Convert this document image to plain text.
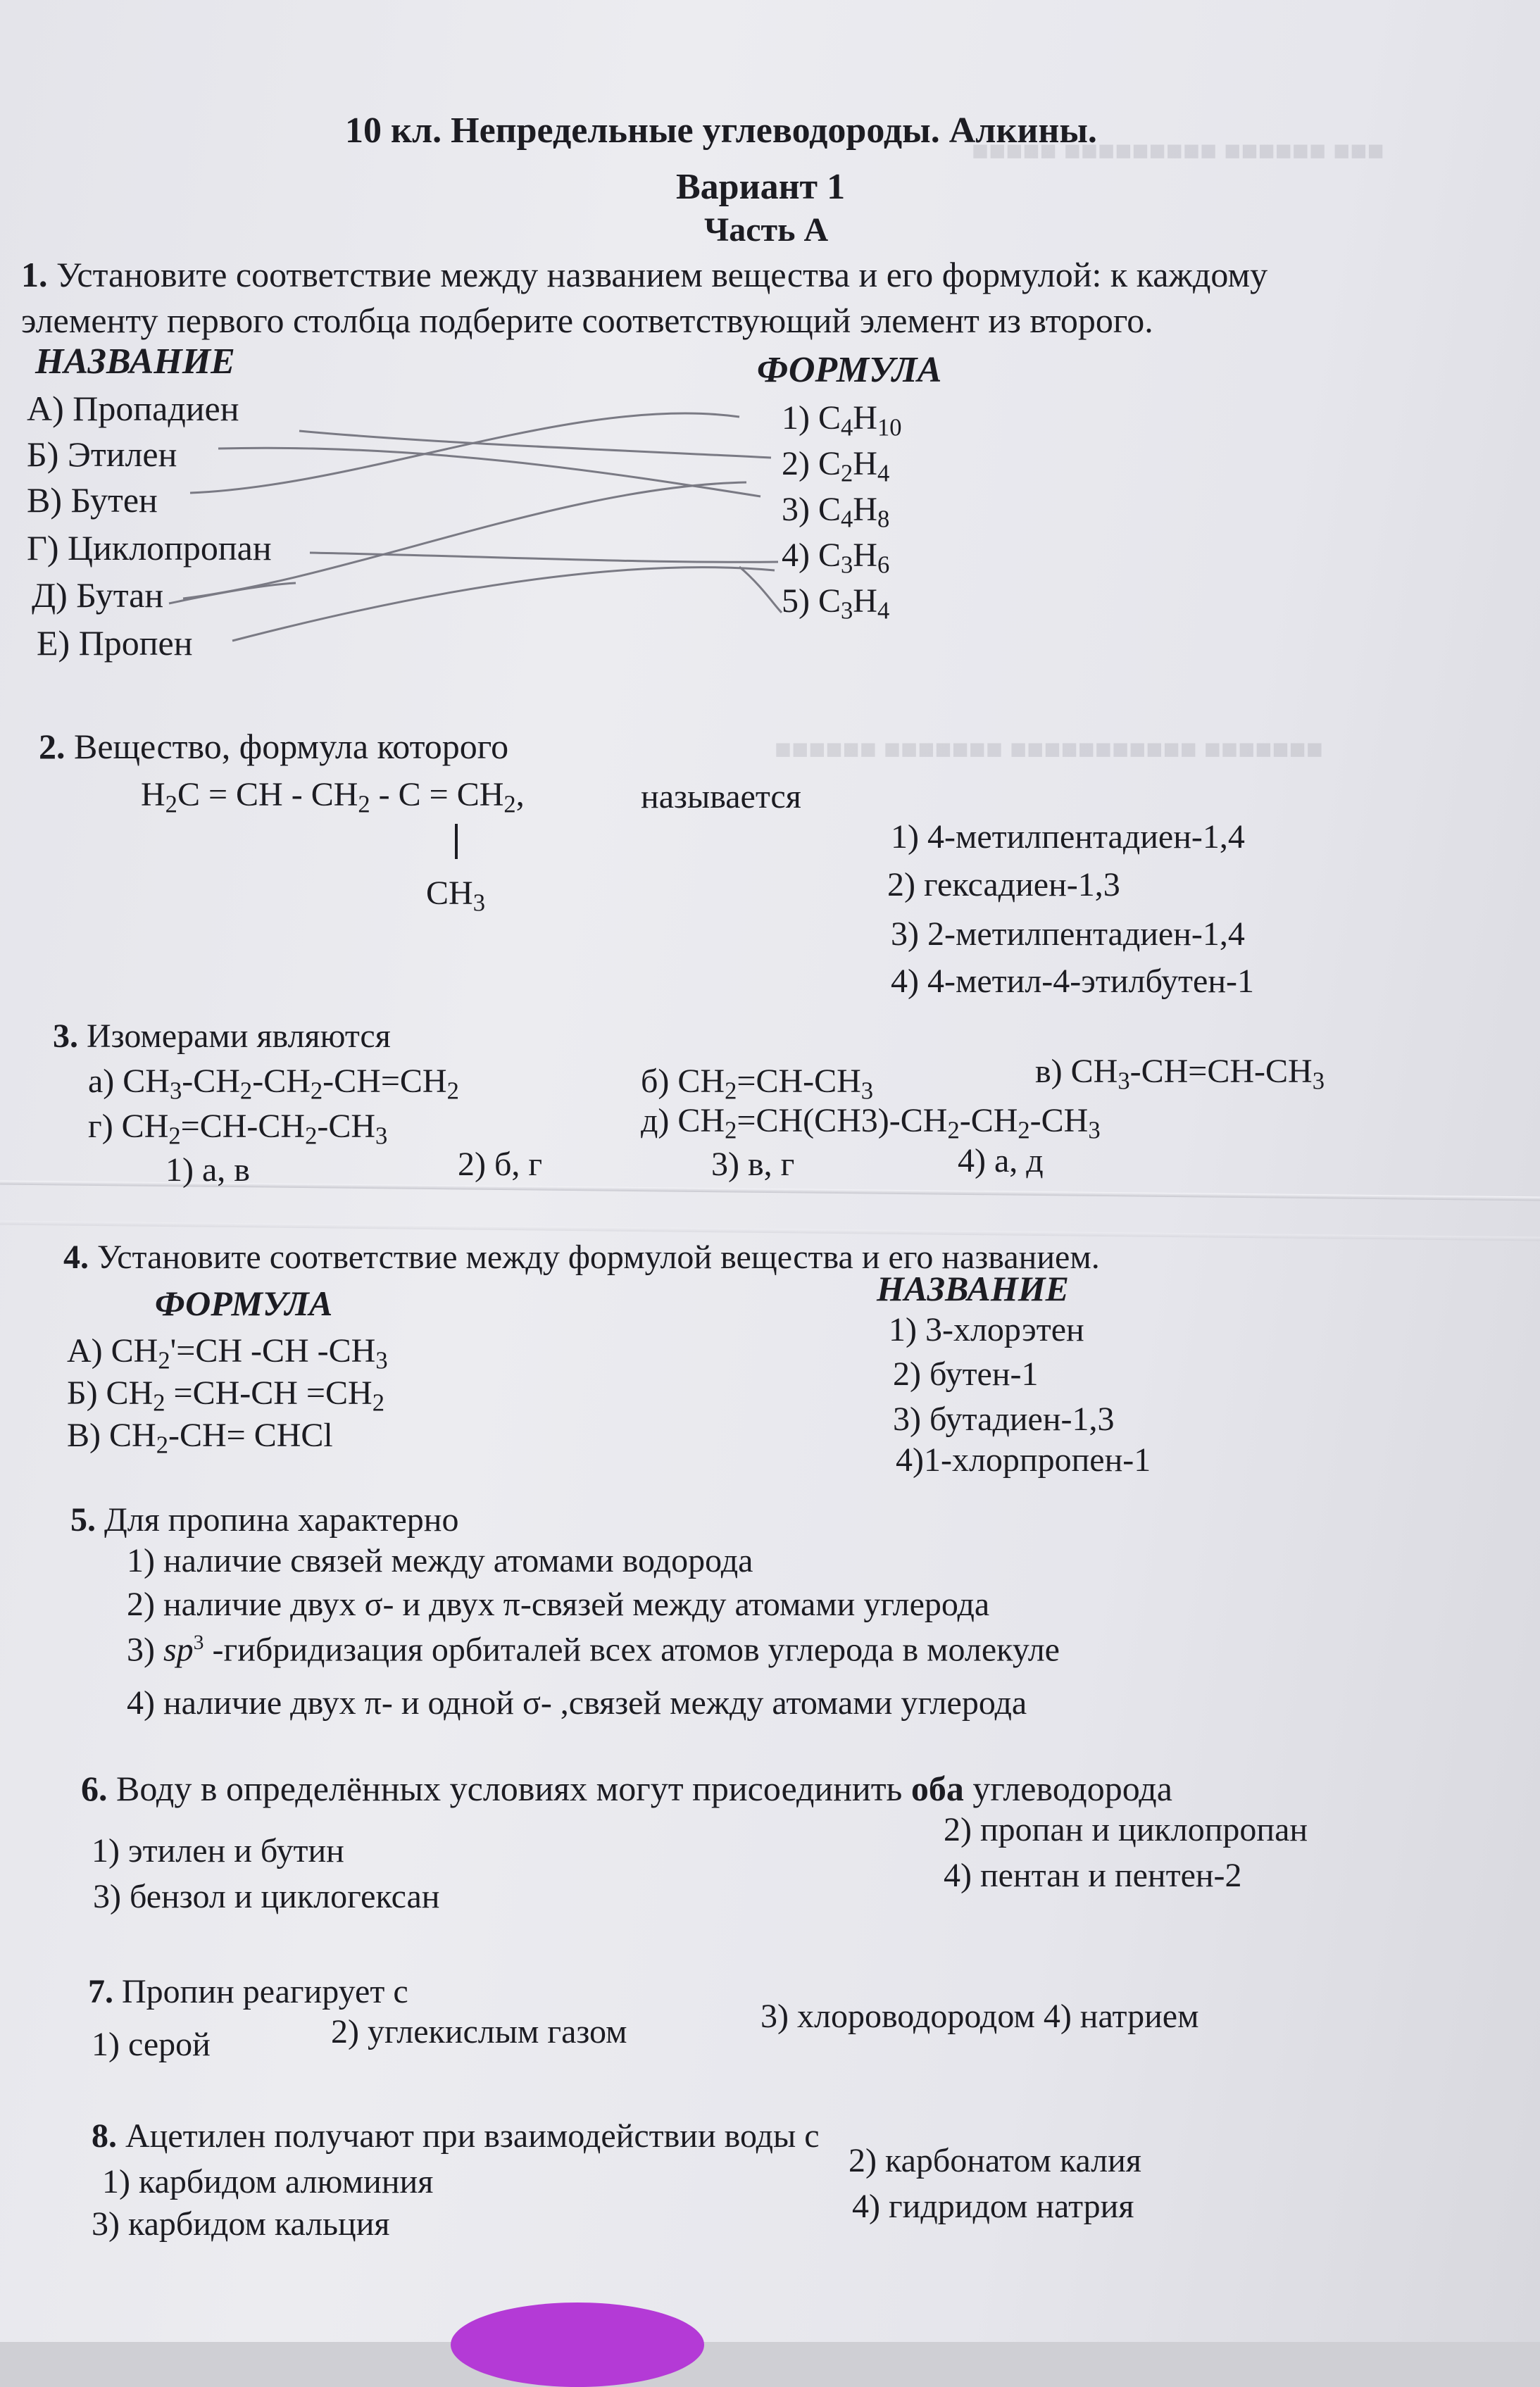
■■■ ■■■■■■ ■■■■■■■■■ ■■■■■
■■■■■■■ ■■■■■■■■■■■ ■■■■■■■ ■■■■■■
10 кл. Непредельные углеводороды. Алкины.
Вариант 1
Часть А
1. Установите соответствие между названием вещества и его формулой: к каждому
элементу первого столбца подберите соответствующий элемент из второго.
НАЗВАНИЕ	ФОРМУЛА
А) Пропадиен
Б) Этилен
В) Бутен
Г) Циклопропан
Д) Бутан
Е) Пропен
1) $C_4H_{10}$
2) $C_2H_4$
3) $C_4H_8$
4) $C_3H_6$
5) $C_3H_4$
2. Вещество, формула которого
$H_2C$ = CH - $CH_2 - C = CH_2$,	называется
$CH_3$
1) 4-метилпентадиен-1,4
2) гексадиен-1,3
3) 2-метилпентадиен-1,4
4) 4-метил-4-этилбутен-1
3. Изомерами являются
а) $CH_3-CH_2-CH_2-CH=CH_2$	б) $CH_2=CH-CH_3$
в) $CH_3-CH=CH-CH_3$
г) $CH_2=CH-CH_2-CH_3$	д) $CH_2=CH(CH3)-CH_2-CH_2-CH_3$
1) а, в	2) б, г	3) в, г	4) а, д
4. Установите соответствие между формулой вещества и его названием.
ФОРМУЛА	НАЗВАНИЕ
А) $CH_2'=CH$ -CH $-CH_3$
Б) $CH_2 =CH-CH =CH_2$
В) $CH_2-CH=$ CHCl
1) 3-хлорэтен
2) бутен-1
3) бутадиен-1,3
4)1-хлорпропен-1
5. Для пропина характерно
1) наличие связей между атомами водорода
2) наличие двух σ- и двух π-связей между атомами углерода
3) $sp^3$ -гибридизация орбиталей всех атомов углерода в молекуле
4) наличие двух π- и одной σ- ,связей между атомами углерода
6. Воду в определённых условиях могут присоединить оба углеводорода
1) этилен и бутин
2) пропан и циклопропан
3) бензол и циклогексан
4) пентан и пентен-2
7. Пропин реагирует с
1) серой	2) углекислым газом	3) хлороводородом 4) натрием
8. Ацетилен получают при взаимодействии воды с
1) карбидом алюминия
2) карбонатом калия
3) карбидом кальция	4) гидридом натрия
